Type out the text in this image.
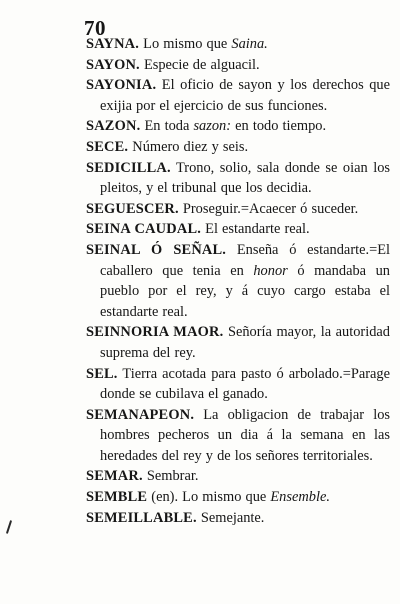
70

SAYNA. Lo mismo que Saina.

SAYON. Especie de alguacil.

SAYONIA. El oficio de sayon y los derechos que exijia por el ejercicio de sus funciones.

SAZON. En toda sazon: en todo tiempo.

SECE. Número diez y seis.

SEDICILLA. Trono, solio, sala donde se oian los pleitos, y el tribunal que los decidia.

SEGUESCER. Proseguir.=Acaecer ó suceder.

SEINA CAUDAL. El estandarte real.

SEINAL Ó SEÑAL. Enseña ó estandarte.=El caballero que tenia en honor ó mandaba un pueblo por el rey, y á cuyo cargo estaba el estandarte real.

SEINNORIA MAOR. Señoría mayor, la autoridad suprema del rey.

SEL. Tierra acotada para pasto ó arbolado.=Parage donde se cubilava el ganado.

SEMANAPEON. La obligacion de trabajar los hombres pecheros un dia á la semana en las heredades del rey y de los señores territoriales.

SEMAR. Sembrar.

SEMBLE (en). Lo mismo que Ensemble.

SEMEILLABLE. Semejante.
